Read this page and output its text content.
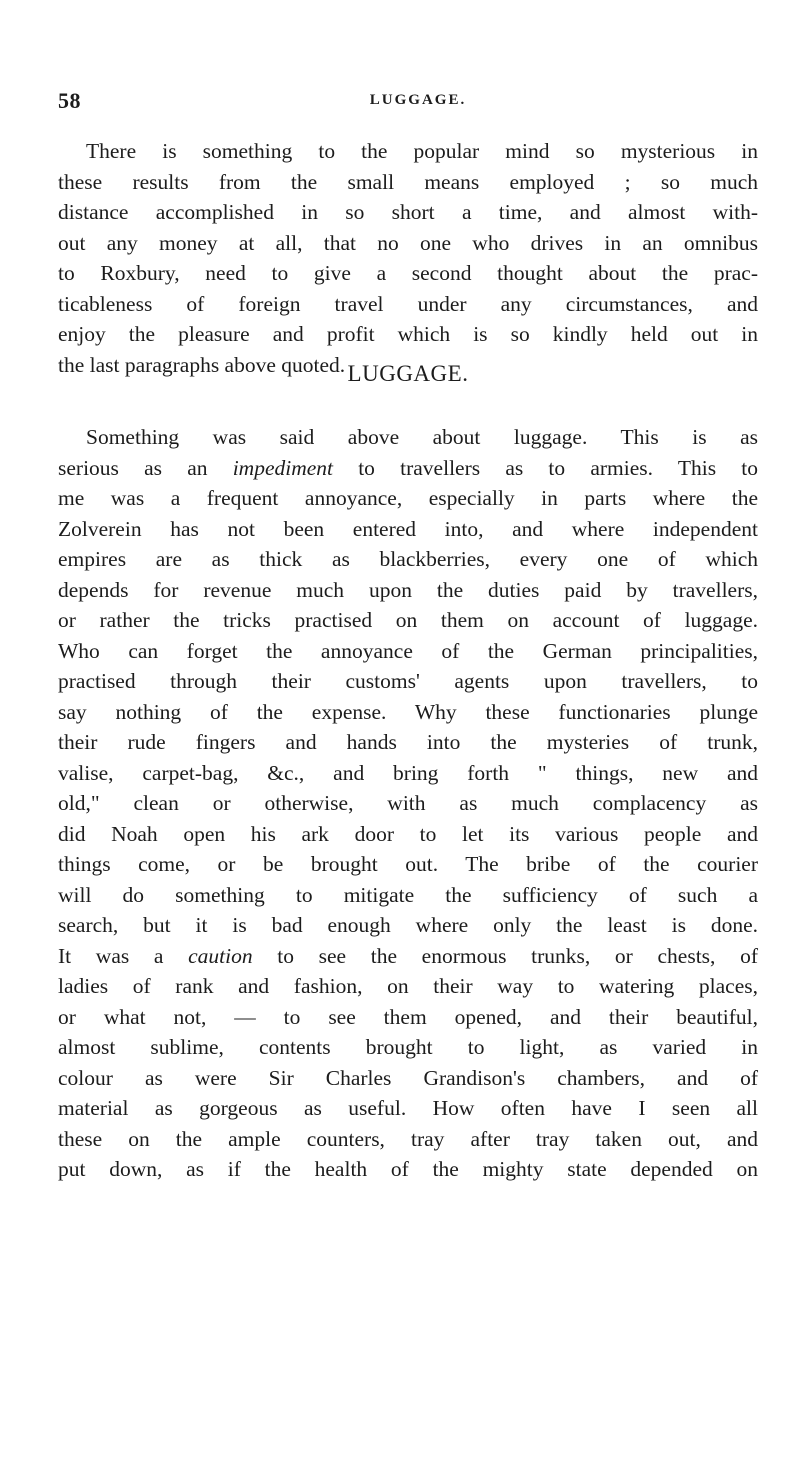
58	LUGGAGE.
There is something to the popular mind so mysterious in
these results from the small means employed ; so much
distance accomplished in so short a time, and almost with-
out any money at all, that no one who drives in an omnibus
to Roxbury, need to give a second thought about the prac-
ticableness of foreign travel under any circumstances, and
enjoy the pleasure and profit which is so kindly held out in
the last paragraphs above quoted. LUGGAGE.
Something was said above about luggage. This is as
serious as an impediment to travellers as to armies. This to
me was a frequent annoyance, especially in parts where the
Zolverein has not been entered into, and where independent
empires are as thick as blackberries, every one of which
depends for revenue much upon the duties paid by travellers,
or rather the tricks practised on them on account of luggage.
Who can forget the annoyance of the German principalities,
practised through their customs' agents upon travellers, to
say nothing of the expense. Why these functionaries plunge
their rude fingers and hands into the mysteries of trunk,
valise, carpet-bag, &c., and bring forth " things, new and
old," clean or otherwise, with as much complacency as
did Noah open his ark door to let its various people and
things come, or be brought out. The bribe of the courier
will do something to mitigate the sufficiency of such a
search, but it is bad enough where only the least is done.
It was a caution to see the enormous trunks, or chests, of
ladies of rank and fashion, on their way to watering places,
or what not, — to see them opened, and their beautiful,
almost sublime, contents brought to light, as varied in
colour as were Sir Charles Grandison's chambers, and of
material as gorgeous as useful. How often have I seen all
these on the ample counters, tray after tray taken out, and
put down, as if the health of the mighty state depended on
